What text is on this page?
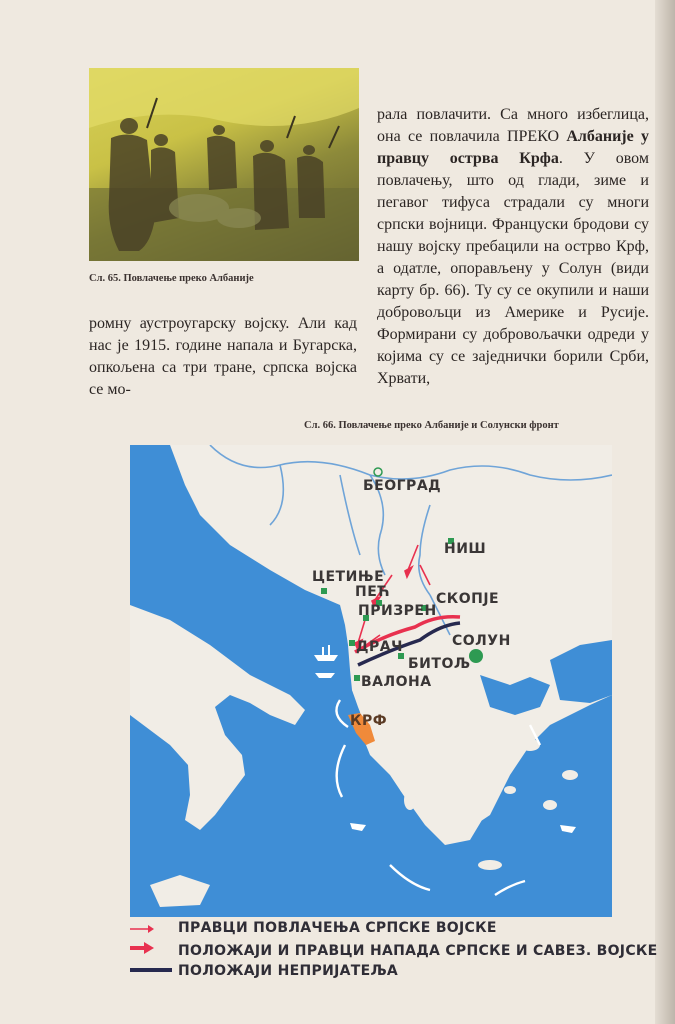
Сл. 65. Повлачење преко Албаније

рала повлачити. Са много избеглица, она се повлачила ПРЕКО Албаније у правцу острва Крфа. У овом повлачењу, што од глади, зиме и пегавог тифуса страдали су многи српски војници. Француски бродови су нашу војску пребацили на острво Крф, а одатле, опорављену у Солун (види карту бр. 66). Ту су се окупили и наши добровољци из Америке и Русије. Формирани су добровољачки одреди у којима су се заједнички борили Срби, Хрвати,

ромну аустроугарску војску. Али кад нас је 1915. године напала и Бугарска, опкољена са три тране, српска војска се мо-

Сл. 66. Повлачење преко Албаније и Солунски фронт
БЕОГРАД
НИШ
ЦЕТИЊЕ
ПЕЋ
ПРИЗРЕН
СКОПЈЕ
ДРАЧ	СОЛУН
БИТОЉ
ВАЛОНА
КРФ
ПРАВЦИ ПОВЛАЧЕЊА СРПСКЕ ВОЈСКЕ
ПОЛОЖАЈИ И ПРАВЦИ НАПАДА СРПСКЕ И САВЕЗ. ВОЈСКЕ
ПОЛОЖАЈИ НЕПРИЈАТЕЉА
